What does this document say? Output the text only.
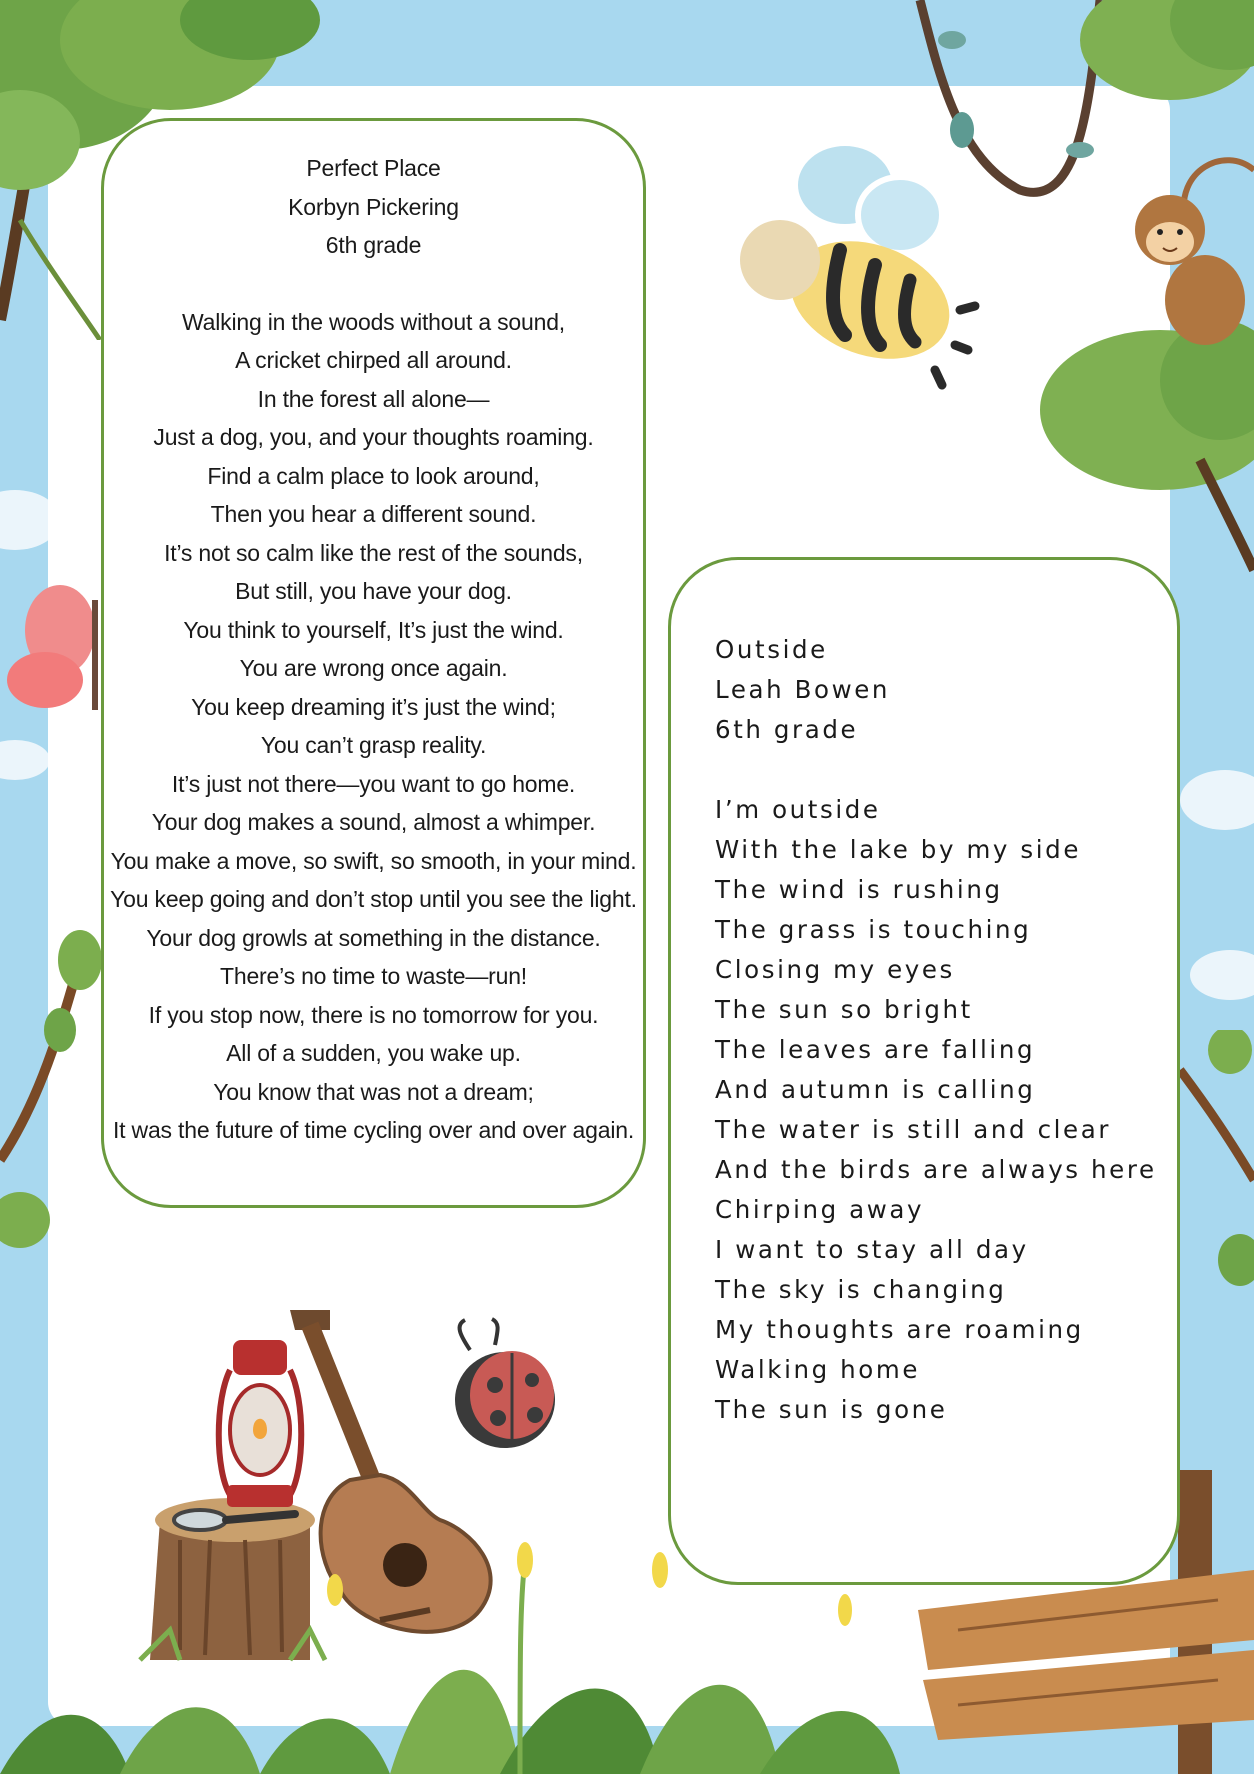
Perfect Place
Korbyn Pickering
6th grade
Walking in the woods without a sound,
A cricket chirped all around.
In the forest all alone—
Just a dog, you, and your thoughts roaming.
Find a calm place to look around,
Then you hear a different sound.
It’s not so calm like the rest of the sounds,
But still, you have your dog.
You think to yourself, It’s just the wind.
You are wrong once again.
You keep dreaming it’s just the wind;
You can’t grasp reality.
It’s just not there—you want to go home.
Your dog makes a sound, almost a whimper.
You make a move, so swift, so smooth, in your mind.
You keep going and don’t stop until you see the light.
Your dog growls at something in the distance.
There’s no time to waste—run!
If you stop now, there is no tomorrow for you.
All of a sudden, you wake up.
You know that was not a dream;
It was the future of time cycling over and over again.
Outside
Leah Bowen
6th grade
I’m outside
With the lake by my side
The wind is rushing
The grass is touching
Closing my eyes
The sun so bright
The leaves are falling
And autumn is calling
The water is still and clear
And the birds are always here
Chirping away
I want to stay all day
The sky is changing
My thoughts are roaming
Walking home
The sun is gone
